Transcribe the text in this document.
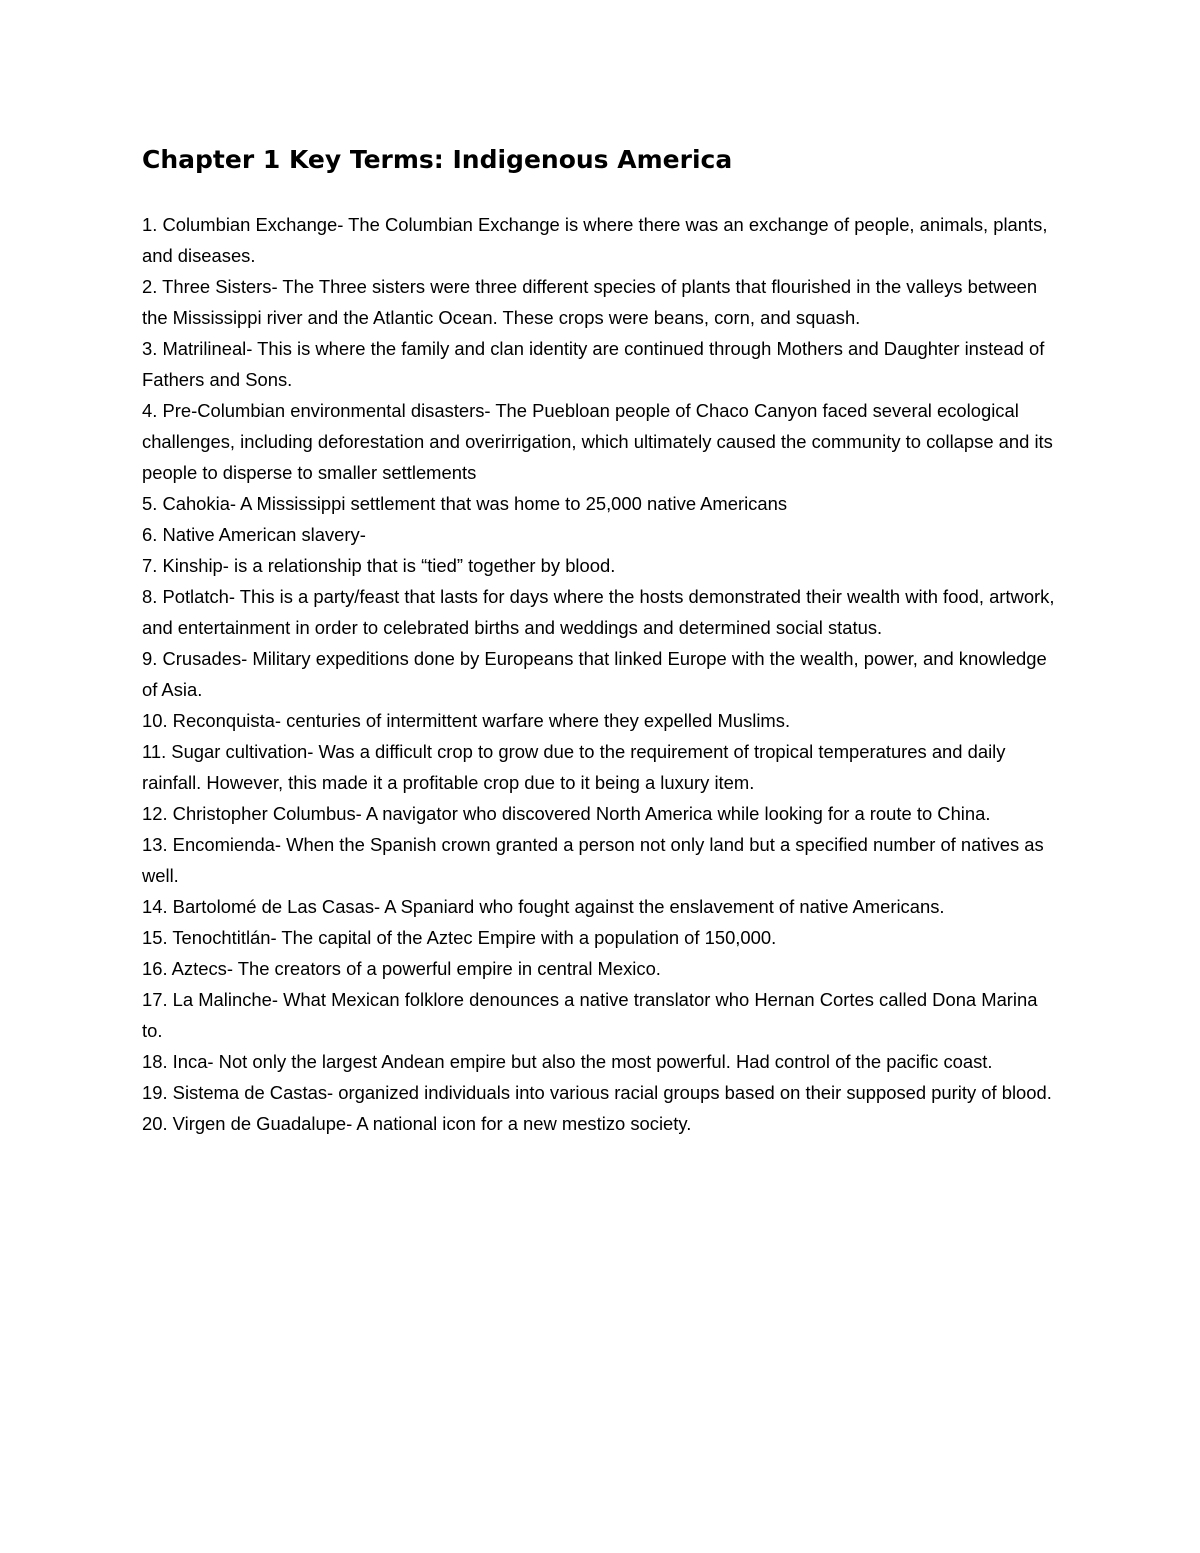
Chapter 1 Key Terms: Indigenous America
1. Columbian Exchange- The Columbian Exchange is where there was an exchange of people, animals, plants, and diseases.
2. Three Sisters- The Three sisters were three different species of plants that flourished in the valleys between the Mississippi river and the Atlantic Ocean. These crops were beans, corn, and squash.
3. Matrilineal- This is where the family and clan identity are continued through Mothers and Daughter instead of Fathers and Sons.
4. Pre-Columbian environmental disasters- The Puebloan people of Chaco Canyon faced several ecological challenges, including deforestation and overirrigation, which ultimately caused the community to collapse and its people to disperse to smaller settlements
5. Cahokia- A Mississippi settlement that was home to 25,000 native Americans
6. Native American slavery-
7. Kinship- is a relationship that is “tied” together by blood.
8. Potlatch- This is a party/feast that lasts for days where the hosts demonstrated their wealth with food, artwork, and entertainment in order to celebrated births and weddings and determined social status.
9. Crusades- Military expeditions done by Europeans that linked Europe with the wealth, power, and knowledge of Asia.
10. Reconquista- centuries of intermittent warfare where they expelled Muslims.
11. Sugar cultivation- Was a difficult crop to grow due to the requirement of tropical temperatures and daily rainfall. However, this made it a profitable crop due to it being a luxury item.
12. Christopher Columbus- A navigator who discovered North America while looking for a route to China.
13. Encomienda- When the Spanish crown granted a person not only land but a specified number of natives as well.
14. Bartolomé de Las Casas- A Spaniard who fought against the enslavement of native Americans.
15. Tenochtitlán- The capital of the Aztec Empire with a population of 150,000.
16. Aztecs- The creators of a powerful empire in central Mexico.
17. La Malinche- What Mexican folklore denounces a native translator who Hernan Cortes called Dona Marina to.
18. Inca- Not only the largest Andean empire but also the most powerful. Had control of the pacific coast.
19. Sistema de Castas- organized individuals into various racial groups based on their supposed purity of blood.
20. Virgen de Guadalupe- A national icon for a new mestizo society.
